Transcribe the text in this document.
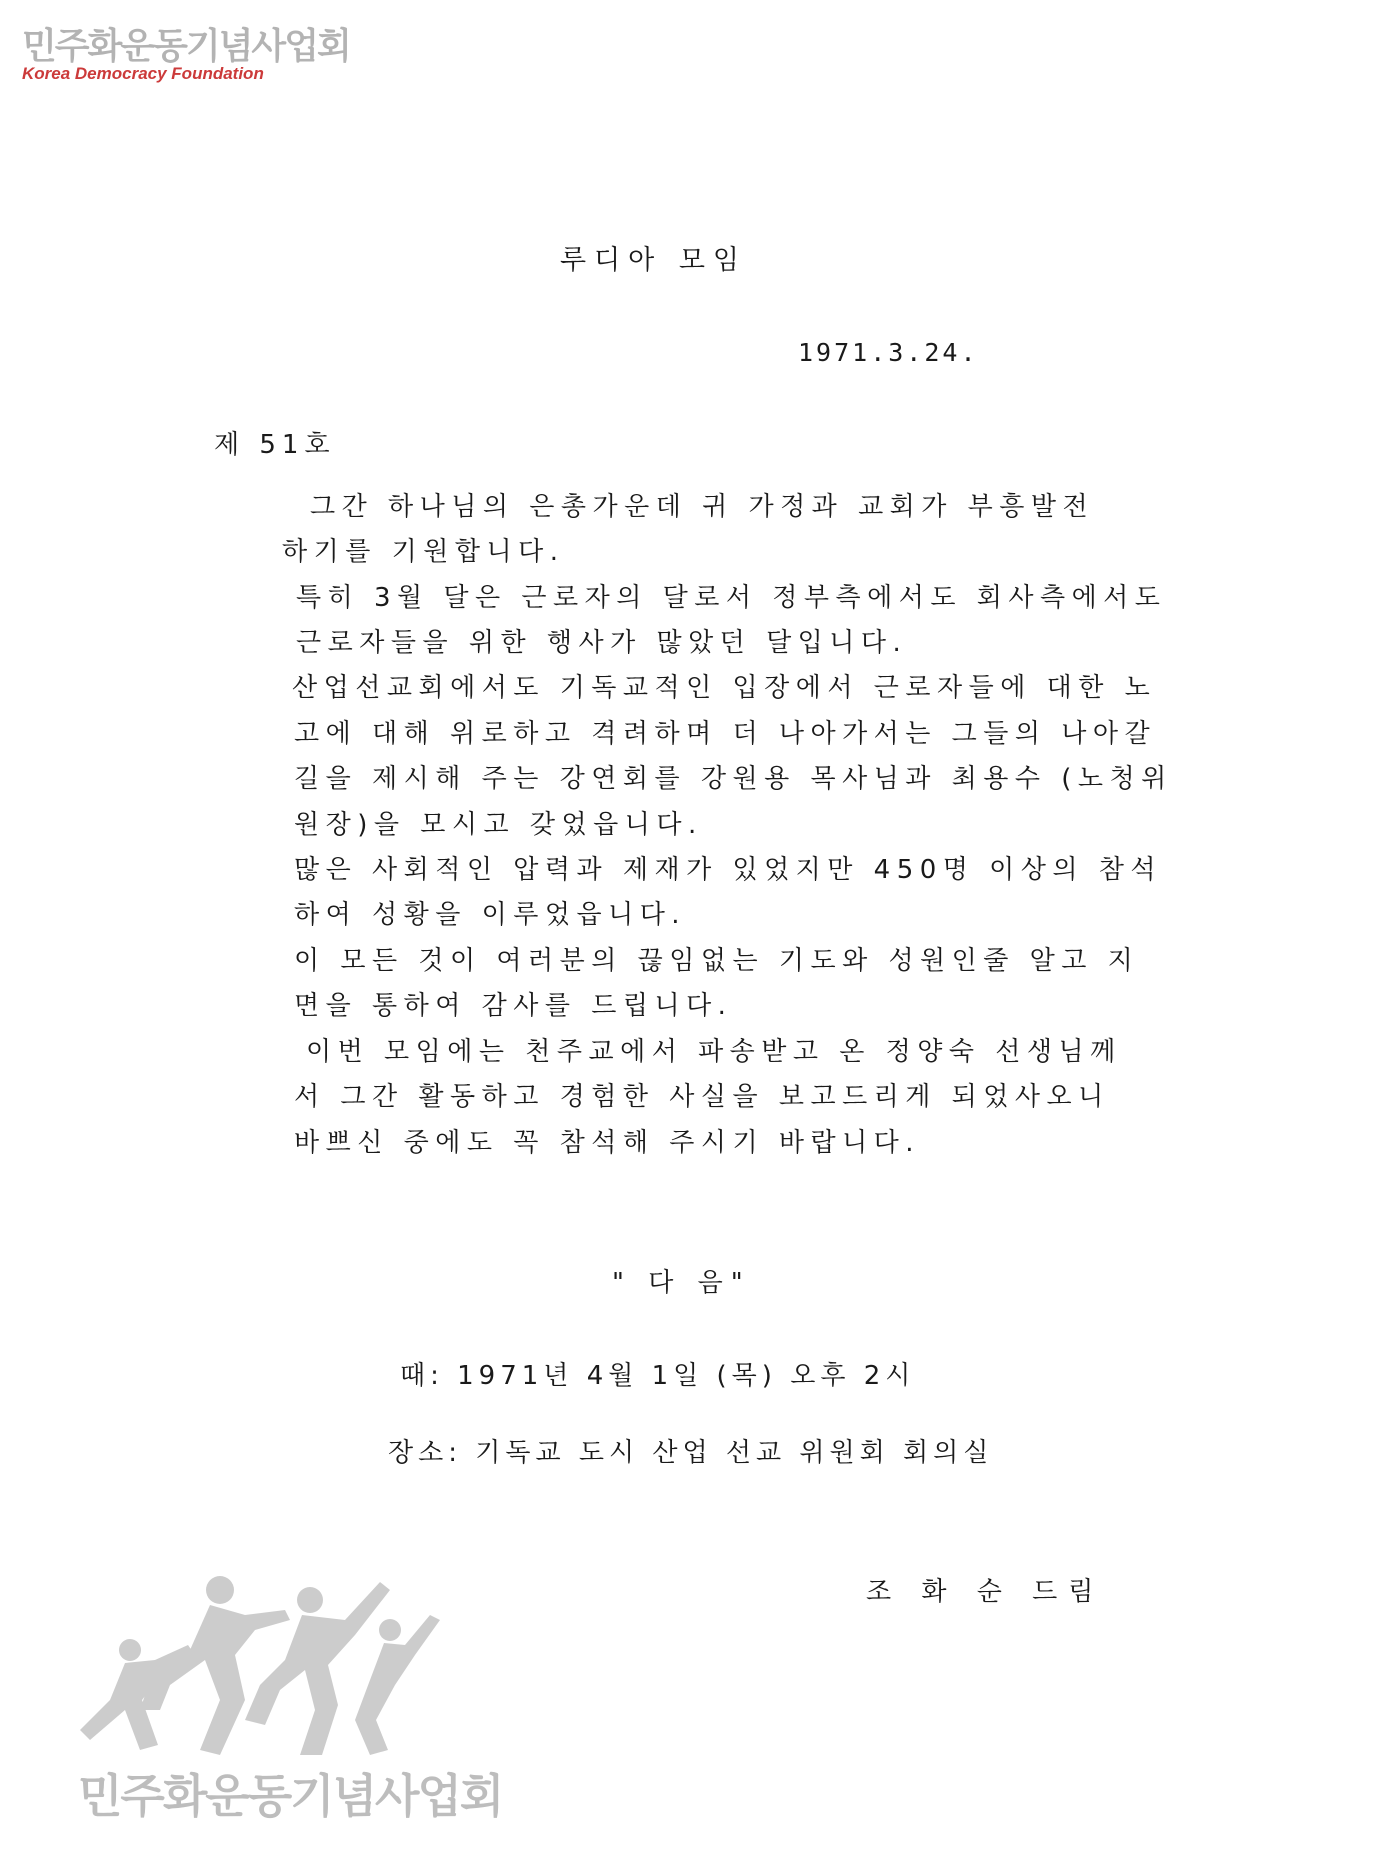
민주화운동기념사업회
Korea Democracy Foundation
루디아 모임
1971.3.24.
제 51호
그간 하나님의 은총가운데 귀 가정과 교회가 부흥발전
하기를 기원합니다.
특히 3월 달은 근로자의 달로서 정부측에서도 회사측에서도
근로자들을 위한 행사가 많았던 달입니다.
산업선교회에서도 기독교적인 입장에서 근로자들에 대한 노
고에 대해 위로하고 격려하며 더 나아가서는 그들의 나아갈
길을 제시해 주는 강연회를 강원용 목사님과 최용수 (노청위
원장)을 모시고 갖었읍니다.
많은 사회적인 압력과 제재가 있었지만 450명 이상의 참석
하여 성황을 이루었읍니다.
이 모든 것이 여러분의 끊임없는 기도와 성원인줄 알고 지
면을 통하여 감사를 드립니다.
이번 모임에는 천주교에서 파송받고 온 정양숙 선생님께
서 그간 활동하고 경험한 사실을 보고드리게 되었사오니
바쁘신 중에도 꼭 참석해 주시기 바랍니다.
" 다 음"
때: 1971년 4월 1일 (목) 오후 2시
장소: 기독교 도시 산업 선교 위원회 회의실
조 화 순 드림
민주화운동기념사업회
